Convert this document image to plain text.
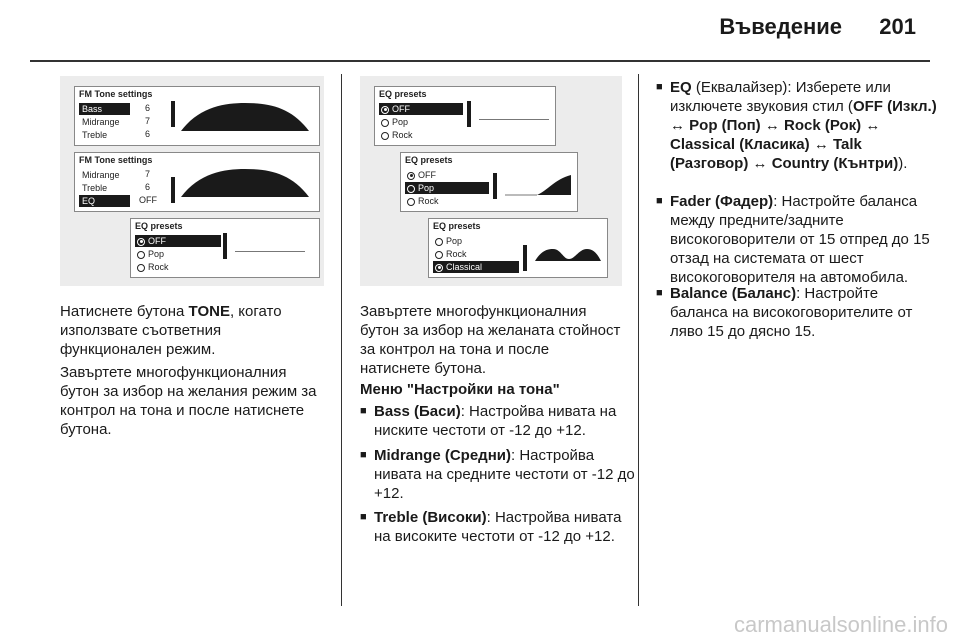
Въведение 201
FM Tone settings
Bass	6
Midrange	7
Treble	6
FM Tone settings
Midrange	7
Treble	6
EQ	OFF
EQ presets
OFF
Pop
Rock
EQ presets
OFF
Pop
Rock
EQ presets
OFF
Pop
Rock
EQ presets
Pop
Rock
Classical
Натиснете бутона TONE, когато използвате съответния функционален режим.
Завъртете многофункционалния бутон за избор на желания режим за контрол на тона и после натиснете бутона.
Завъртете многофункционалния бутон за избор на желаната стойност за контрол на тона и после натиснете бутона.
Меню "Настройки на тона"
■ Bass (Баси): Настройва нивата на ниските честоти от -12 до +12.
■ Midrange (Средни): Настройва нивата на средните честоти от -12 до +12.
■ Treble (Високи): Настройва нивата на високите честоти от -12 до +12.
■ EQ (Еквалайзер): Изберете или изключете звуковия стил (OFF (Изкл.) ↔ Pop (Поп) ↔ Rock (Рок) ↔ Classical (Класика) ↔ Talk (Разговор) ↔ Country (Кънтри)).
■ Fader (Фадер): Настройте баланса между предните/задните високоговорители от 15 отпред до 15 отзад на системата от шест високоговорителя на автомобила.
■ Balance (Баланс): Настройте баланса на високоговорителите от ляво 15 до дясно 15.
carmanualsonline.info
